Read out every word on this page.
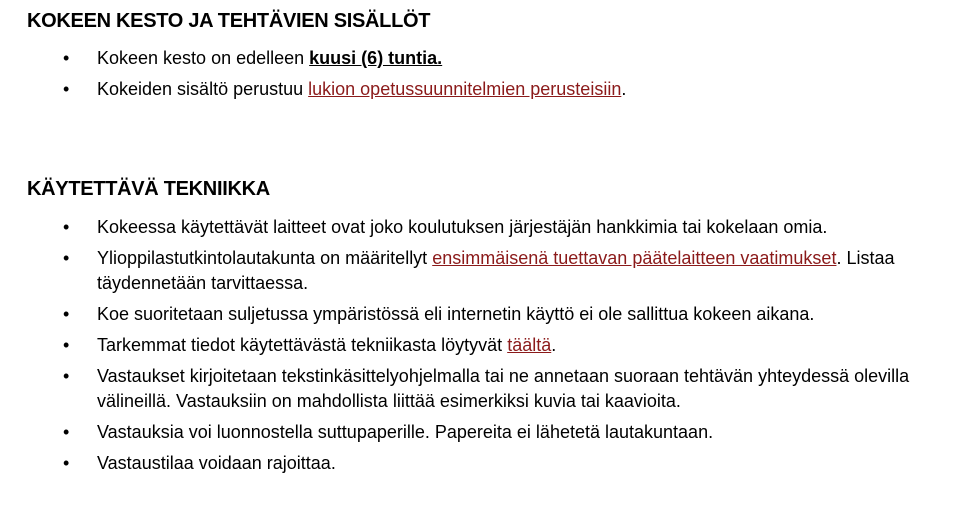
KOKEEN KESTO JA TEHTÄVIEN SISÄLLÖT
• Kokeen kesto on edelleen kuusi (6) tuntia.
• Kokeiden sisältö perustuu lukion opetussuunnitelmien perusteisiin.
KÄYTETTÄVÄ TEKNIIKKA
• Kokeessa käytettävät laitteet ovat joko koulutuksen järjestäjän hankkimia tai kokelaan omia.
• Ylioppilastutkintolautakunta on määritellyt ensimmäisenä tuettavan päätelaitteen vaatimukset. Listaa täydennetään tarvittaessa.
• Koe suoritetaan suljetussa ympäristössä eli internetin käyttö ei ole sallittua kokeen aikana.
• Tarkemmat tiedot käytettävästä tekniikasta löytyvät täältä.
• Vastaukset kirjoitetaan tekstinkäsittelyohjelmalla tai ne annetaan suoraan tehtävän yhteydessä olevilla välineillä. Vastauksiin on mahdollista liittää esimerkiksi kuvia tai kaavioita.
• Vastauksia voi luonnostella suttupaperille. Papereita ei lähetetä lautakuntaan.
• Vastaustilaa voidaan rajoittaa.
